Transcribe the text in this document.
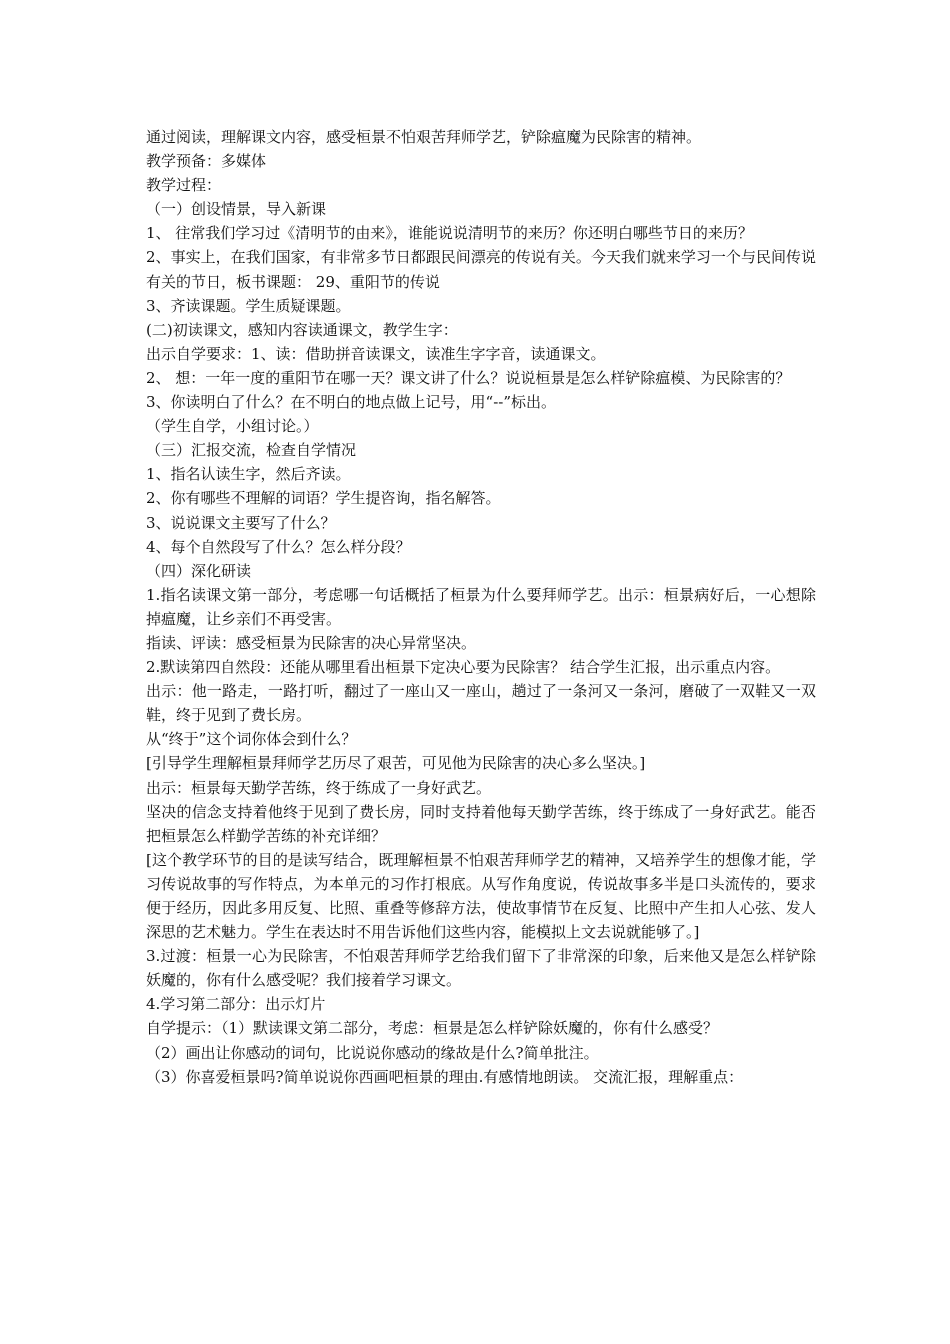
通过阅读，理解课文内容，感受桓景不怕艰苦拜师学艺，铲除瘟魔为民除害的精神。

教学预备：多媒体

教学过程：

（一）创设情景，导入新课

1、 往常我们学习过《清明节的由来》，谁能说说清明节的来历？你还明白哪些节日的来历？

2、事实上，在我们国家，有非常多节日都跟民间漂亮的传说有关。今天我们就来学习一个与民间传说有关的节日，板书课题： 29、重阳节的传说

3、齐读课题。学生质疑课题。

(二)初读课文，感知内容读通课文，教学生字：

出示自学要求：1、读：借助拼音读课文，读准生字字音，读通课文。

2、 想：一年一度的重阳节在哪一天？课文讲了什么？说说桓景是怎么样铲除瘟模、为民除害的？

3、你读明白了什么？在不明白的地点做上记号，用“--”标出。

（学生自学，小组讨论。）

（三）汇报交流，检查自学情况

1、指名认读生字，然后齐读。

2、你有哪些不理解的词语？学生提咨询，指名解答。

3、说说课文主要写了什么？

4、每个自然段写了什么？怎么样分段？

（四）深化研读

1.指名读课文第一部分，考虑哪一句话概括了桓景为什么要拜师学艺。出示：桓景病好后，一心想除掉瘟魔，让乡亲们不再受害。

指读、评读：感受桓景为民除害的决心异常坚决。

2.默读第四自然段：还能从哪里看出桓景下定决心要为民除害？ 结合学生汇报，出示重点内容。

出示：他一路走，一路打听，翻过了一座山又一座山，趟过了一条河又一条河，磨破了一双鞋又一双鞋，终于见到了费长房。

从“终于”这个词你体会到什么？

[引导学生理解桓景拜师学艺历尽了艰苦，可见他为民除害的决心多么坚决。]

出示：桓景每天勤学苦练，终于练成了一身好武艺。

坚决的信念支持着他终于见到了费长房，同时支持着他每天勤学苦练，终于练成了一身好武艺。能否把桓景怎么样勤学苦练的补充详细？

[这个教学环节的目的是读写结合，既理解桓景不怕艰苦拜师学艺的精神，又培养学生的想像才能，学习传说故事的写作特点，为本单元的习作打根底。从写作角度说，传说故事多半是口头流传的，要求便于经历，因此多用反复、比照、重叠等修辞方法，使故事情节在反复、比照中产生扣人心弦、发人深思的艺术魅力。学生在表达时不用告诉他们这些内容，能模拟上文去说就能够了。]

3.过渡：桓景一心为民除害，不怕艰苦拜师学艺给我们留下了非常深的印象，后来他又是怎么样铲除妖魔的，你有什么感受呢？我们接着学习课文。

4.学习第二部分：出示灯片

自学提示：（1）默读课文第二部分，考虑：桓景是怎么样铲除妖魔的，你有什么感受？

（2）画出让你感动的词句，比说说你感动的缘故是什么?简单批注。

（3）你喜爱桓景吗?简单说说你西画吧桓景的理由.有感情地朗读。 交流汇报，理解重点：
